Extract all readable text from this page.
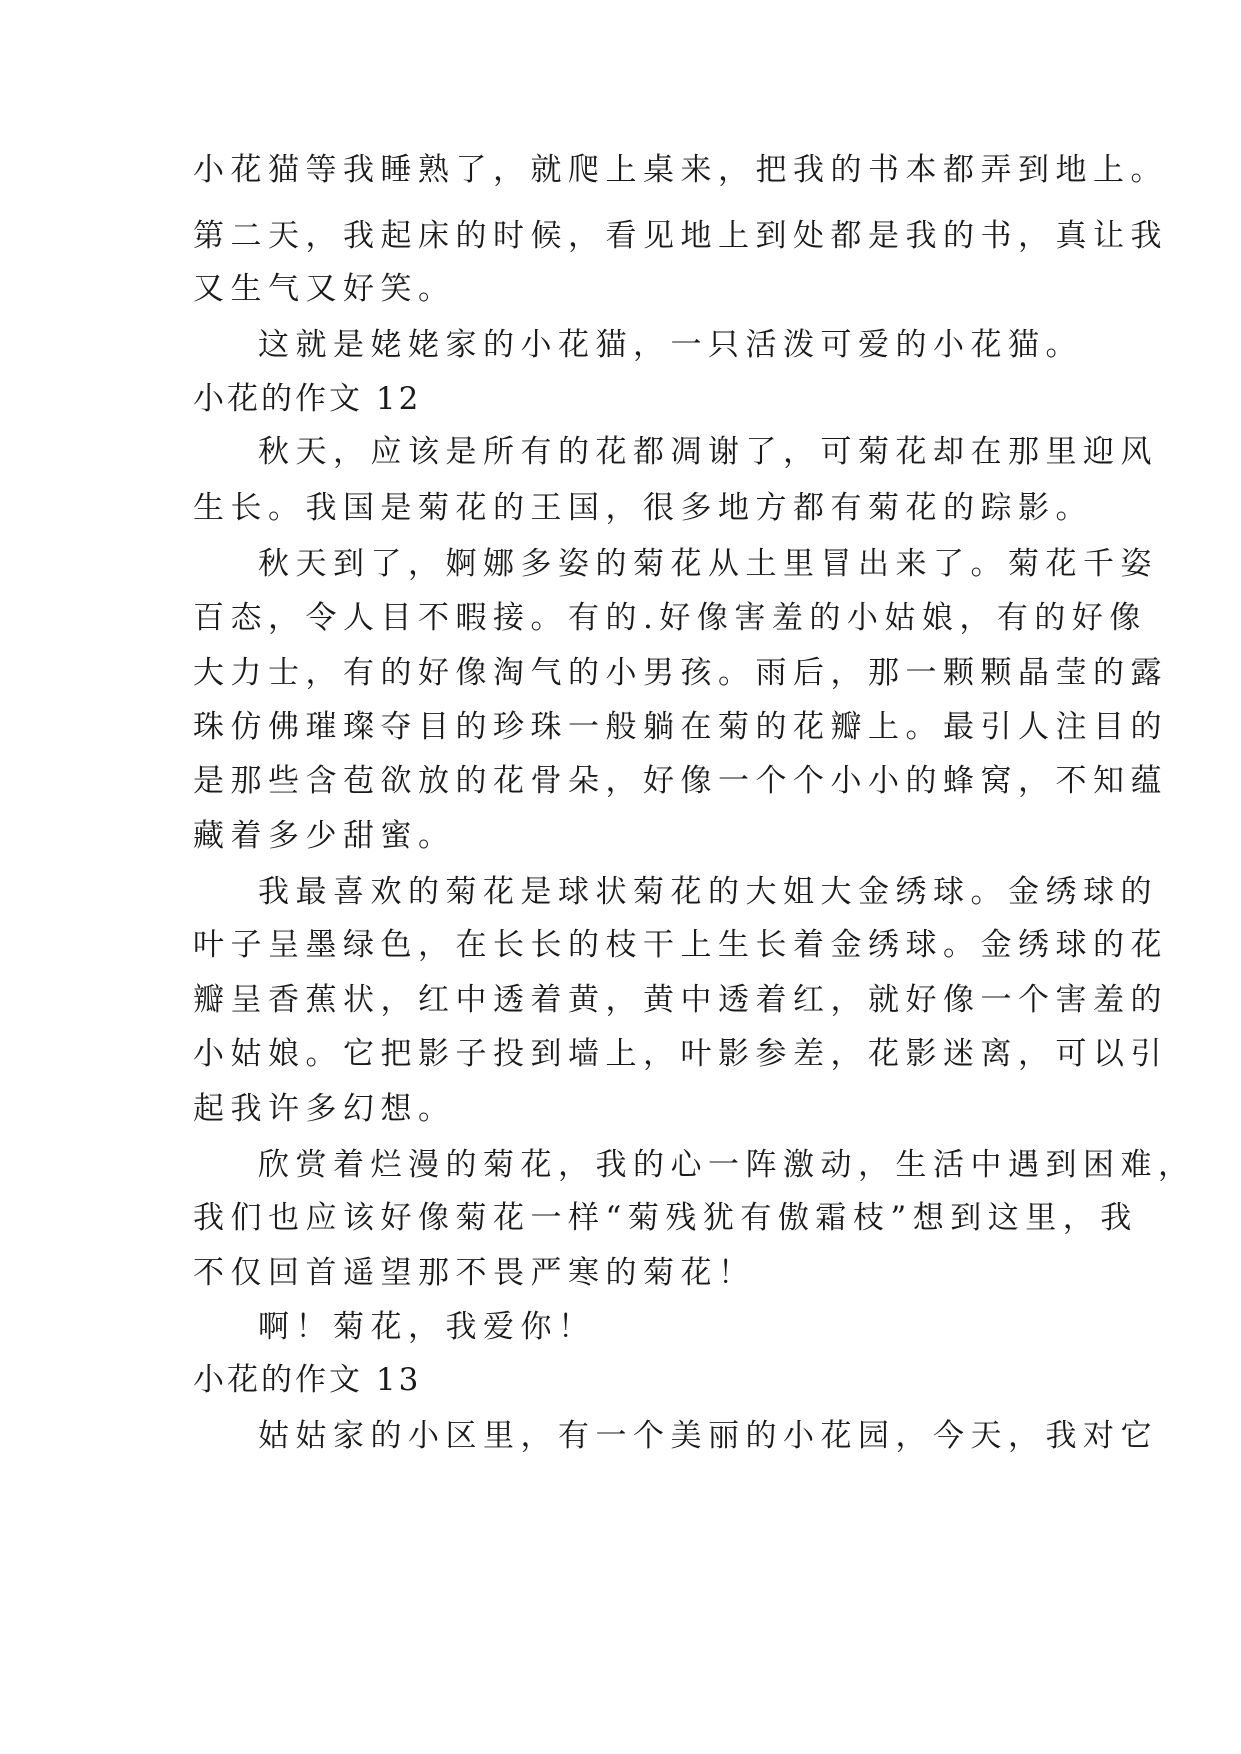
小花猫等我睡熟了，就爬上桌来，把我的书本都弄到地上。
第二天，我起床的时候，看见地上到处都是我的书，真让我
又生气又好笑。
这就是姥姥家的小花猫，一只活泼可爱的小花猫。
小花的作文 12
秋天，应该是所有的花都凋谢了，可菊花却在那里迎风
生长。我国是菊花的王国，很多地方都有菊花的踪影。
秋天到了，婀娜多姿的菊花从土里冒出来了。菊花千姿
百态，令人目不暇接。有的.好像害羞的小姑娘，有的好像
大力士，有的好像淘气的小男孩。雨后，那一颗颗晶莹的露
珠仿佛璀璨夺目的珍珠一般躺在菊的花瓣上。最引人注目的
是那些含苞欲放的花骨朵，好像一个个小小的蜂窝，不知蕴
藏着多少甜蜜。
我最喜欢的菊花是球状菊花的大姐大金绣球。金绣球的
叶子呈墨绿色，在长长的枝干上生长着金绣球。金绣球的花
瓣呈香蕉状，红中透着黄，黄中透着红，就好像一个害羞的
小姑娘。它把影子投到墙上，叶影参差，花影迷离，可以引
起我许多幻想。
欣赏着烂漫的菊花，我的心一阵激动，生活中遇到困难，
我们也应该好像菊花一样“菊残犹有傲霜枝”想到这里，我
不仅回首遥望那不畏严寒的菊花！
啊！菊花，我爱你！
小花的作文 13
姑姑家的小区里，有一个美丽的小花园，今天，我对它
